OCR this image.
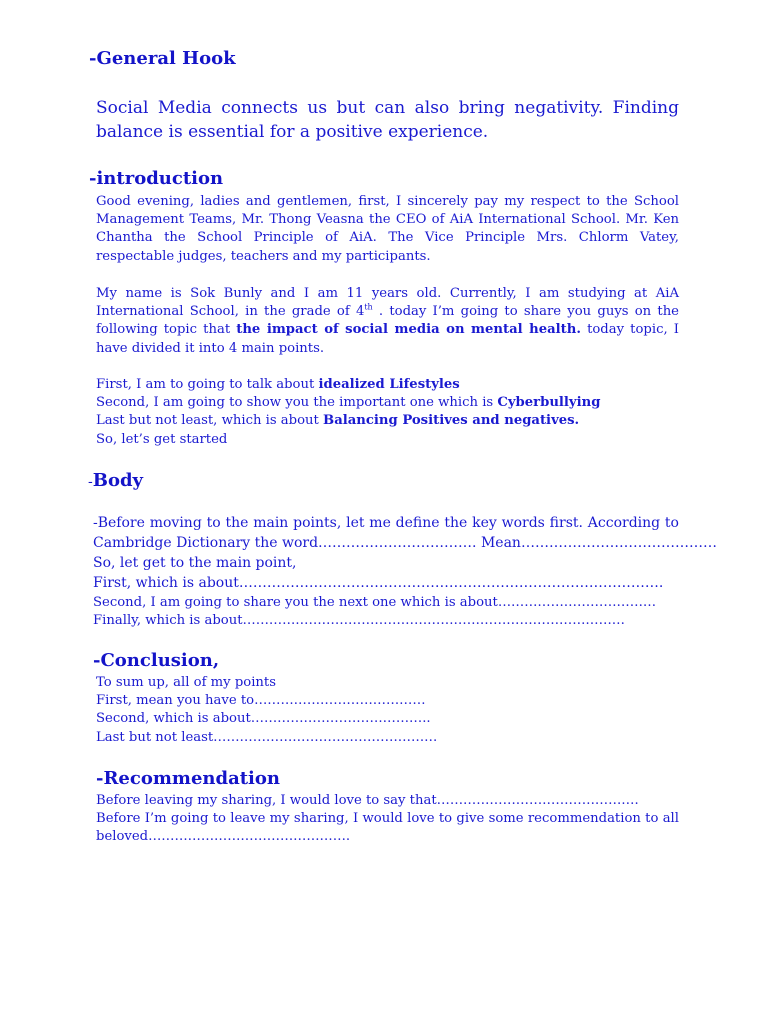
-General Hook
Social Media connects us but can also bring negativity. Finding balance is essential for a positive experience.
-introduction
Good evening, ladies and gentlemen, first, I sincerely pay my respect to the School Management Teams, Mr. Thong Veasna the CEO of AiA International School. Mr. Ken Chantha the School Principle of AiA. The Vice Principle Mrs. Chlorm Vatey, respectable judges, teachers and my participants.
My name is Sok Bunly and I am 11 years old. Currently, I am studying at AiA International School, in the grade of 4th . today I’m going to share you guys on the following topic that the impact of social media on mental health. today topic, I have divided it into 4 main points.
First, I am to going to talk about idealized Lifestyles
Second, I am going to show you the important one which is Cyberbullying
Last but not least, which is about Balancing Positives and negatives.
So, let’s get started
-Body
-Before moving to the main points, let me define the key words first. According to
Cambridge Dictionary the word……………………………. Mean……………………………………
So, let get to the main point,
First, which is about……………………………………………………………………………….
Second, I am going to share you the next one which is about………………………………
Finally, which is about……………………………………………………………………………
-Conclusion,
To sum up, all of my points
First, mean you have to…………………………………
Second, which is about…………………………………..
Last but not least……………………………………………
-Recommendation
Before leaving my sharing, I would love to say that……………………………………….
Before I’m going to leave my sharing, I would love to give some recommendation to all
beloved……………………………………….
